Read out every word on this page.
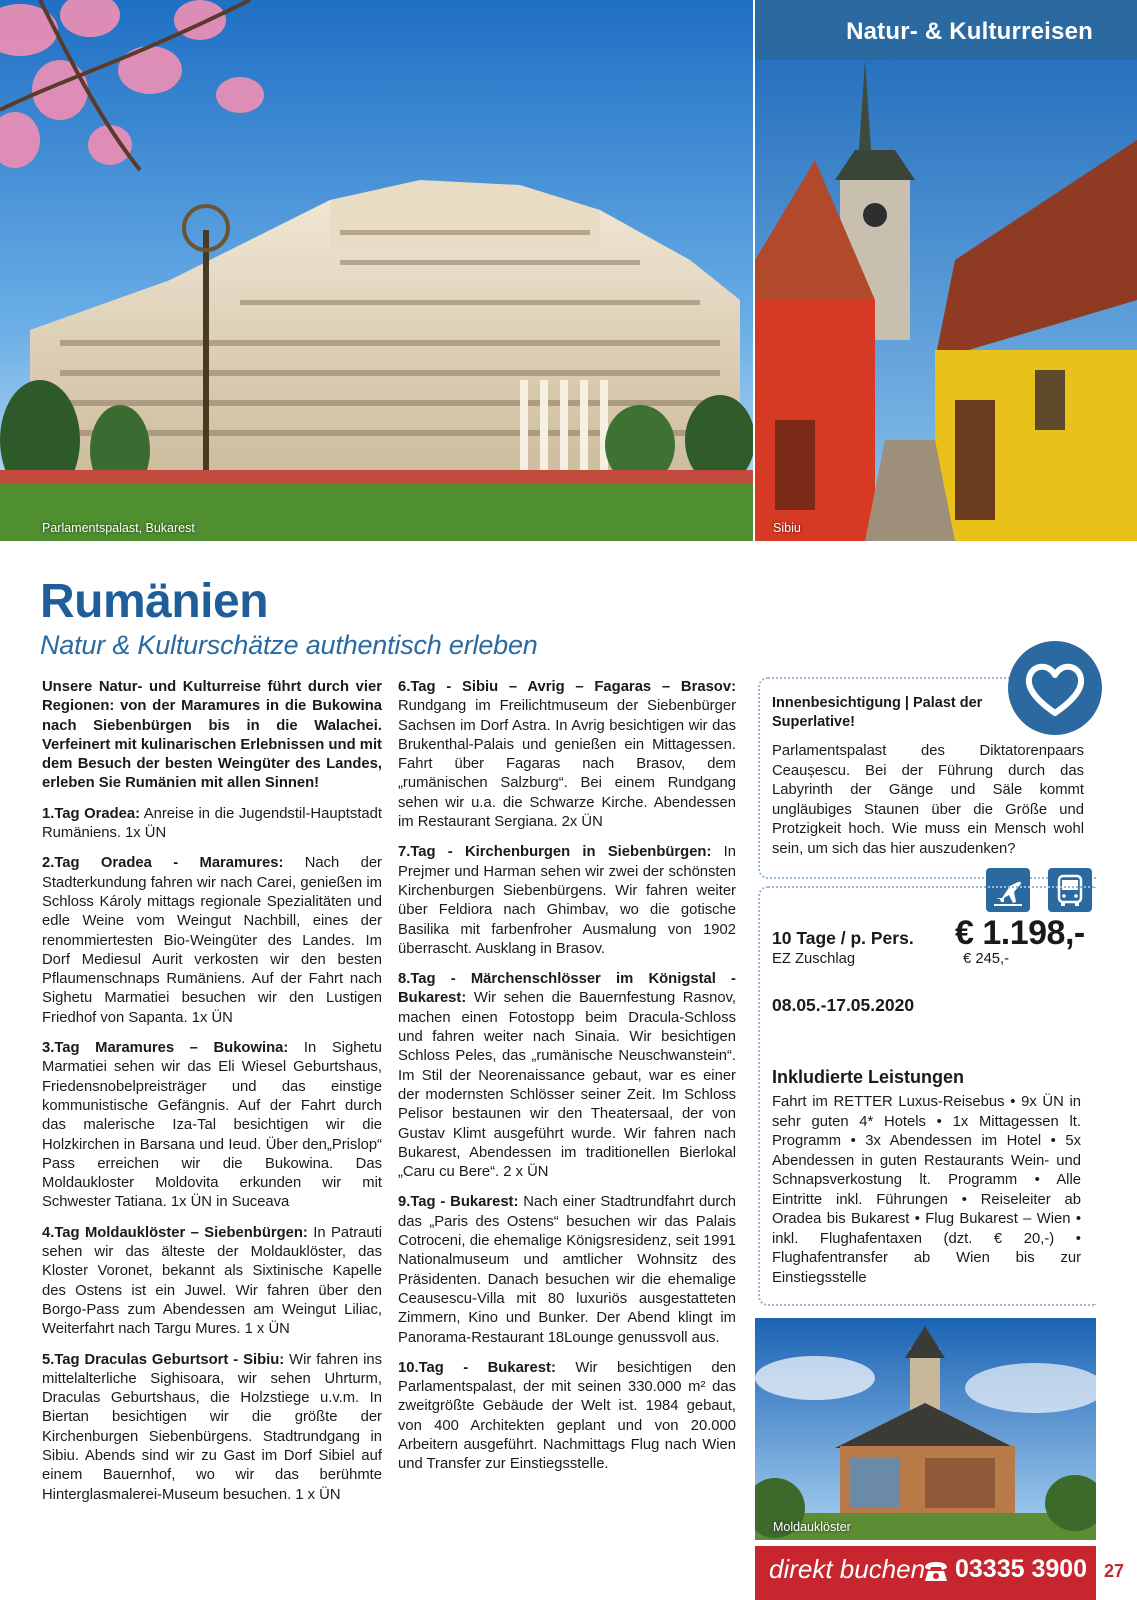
Parlamentspalast, Bukarest	Sibiu
Natur- & Kulturreisen
Rumänien
Natur & Kulturschätze authentisch erleben

Unsere Natur- und Kulturreise führt durch vier Regionen: von der Maramures in die Bukowina nach Siebenbürgen bis in die Walachei. Verfeinert mit kulinarischen Erlebnissen und mit dem Besuch der besten Weingüter des Landes, erleben Sie Rumänien mit allen Sinnen!

1.Tag Oradea: Anreise in die Jugendstil-Hauptstadt Rumäniens. 1x ÜN

2.Tag Oradea - Maramures: Nach der Stadterkundung fahren wir nach Carei, genießen im Schloss Károly mittags regionale Spezialitäten und edle Weine vom Weingut Nachbill, eines der renommiertesten Bio-Weingüter des Landes. Im Dorf Mediesul Aurit verkosten wir den besten Pflaumenschnaps Rumäniens. Auf der Fahrt nach Sighetu Marmatiei besuchen wir den Lustigen Friedhof von Sapanta. 1x ÜN

3.Tag Maramures – Bukowina: In Sighetu Marmatiei sehen wir das Eli Wiesel Geburtshaus, Friedensnobelpreisträger und das einstige kommunistische Gefängnis. Auf der Fahrt durch das malerische Iza-Tal besichtigen wir die Holzkirchen in Barsana und Ieud. Über den„Prislop“ Pass erreichen wir die Bukowina. Das Moldaukloster Moldovita erkunden wir mit Schwester Tatiana. 1x ÜN in Suceava

4.Tag Moldauklöster – Siebenbürgen: In Patrauti sehen wir das älteste der Moldauklöster, das Kloster Voronet, bekannt als Sixtinische Kapelle des Ostens ist ein Juwel. Wir fahren über den Borgo-Pass zum Abendessen am Weingut Liliac, Weiterfahrt nach Targu Mures. 1 x ÜN

5.Tag Draculas Geburtsort - Sibiu: Wir fahren ins mittelalterliche Sighisoara, wir sehen Uhrturm, Draculas Geburtshaus, die Holzstiege u.v.m. In Biertan besichtigen wir die größte der Kirchenburgen Siebenbürgens. Stadtrundgang in Sibiu. Abends sind wir zu Gast im Dorf Sibiel auf einem Bauernhof, wo wir das berühmte Hinterglasmalerei-Museum besuchen. 1 x ÜN

6.Tag - Sibiu – Avrig – Fagaras – Brasov: Rundgang im Freilichtmuseum der Siebenbürger Sachsen im Dorf Astra. In Avrig besichtigen wir das Brukenthal-Palais und genießen ein Mittagessen. Fahrt über Fagaras nach Brasov, dem „rumänischen Salzburg“. Bei einem Rundgang sehen wir u.a. die Schwarze Kirche. Abendessen im Restaurant Sergiana. 2x ÜN

7.Tag - Kirchenburgen in Siebenbürgen: In Prejmer und Harman sehen wir zwei der schönsten Kirchenburgen Siebenbürgens. Wir fahren weiter über Feldiora nach Ghimbav, wo die gotische Basilika mit farbenfroher Ausmalung von 1902 überrascht. Ausklang in Brasov.

8.Tag - Märchenschlösser im Königstal - Bukarest: Wir sehen die Bauernfestung Rasnov, machen einen Fotostopp beim Dracula-Schloss und fahren weiter nach Sinaia. Wir besichtigen Schloss Peles, das „rumänische Neuschwanstein“. Im Stil der Neorenaissance gebaut, war es einer der modernsten Schlösser seiner Zeit. Im Schloss Pelisor bestaunen wir den Theatersaal, der von Gustav Klimt ausgeführt wurde. Wir fahren nach Bukarest, Abendessen im traditionellen Bierlokal „Caru cu Bere“. 2 x ÜN

9.Tag - Bukarest: Nach einer Stadtrundfahrt durch das „Paris des Ostens“ besuchen wir das Palais Cotroceni, die ehemalige Königsresidenz, seit 1991 Nationalmuseum und amtlicher Wohnsitz des Präsidenten. Danach besuchen wir die ehemalige Ceausescu-Villa mit 80 luxuriös ausgestatteten Zimmern, Kino und Bunker. Der Abend klingt im Panorama-Restaurant 18Lounge genussvoll aus.

10.Tag - Bukarest: Wir besichtigen den Parlamentspalast, der mit seinen 330.000 m² das zweitgrößte Gebäude der Welt ist. 1984 gebaut, von 400 Architekten geplant und von 20.000 Arbeitern ausgeführt. Nachmittags Flug nach Wien und Transfer zur Einstiegsstelle.

Innenbesichtigung | Palast der Superlative!
Parlamentspalast des Diktatorenpaars Ceaușescu. Bei der Führung durch das Labyrinth der Gänge und Säle kommt ungläubiges Staunen über die Größe und Protzigkeit hoch. Wie muss ein Mensch wohl sein, um sich das hier auszudenken?
10 Tage / p. Pers. € 1.198,-
EZ Zuschlag	€ 245,-
08.05.-17.05.2020
Inkludierte Leistungen
Fahrt im RETTER Luxus-Reisebus • 9x ÜN in sehr guten 4* Hotels • 1x Mittagessen lt. Programm • 3x Abendessen im Hotel • 5x Abendessen in guten Restaurants Wein- und Schnapsverkostung lt. Programm • Alle Eintritte inkl. Führungen • Reiseleiter ab Oradea bis Bukarest • Flug Bukarest – Wien • inkl. Flughafentaxen (dzt. € 20,-) • Flughafentransfer ab Wien bis zur Einstiegsstelle
Moldauklöster
direkt buchen 03335 3900 27
